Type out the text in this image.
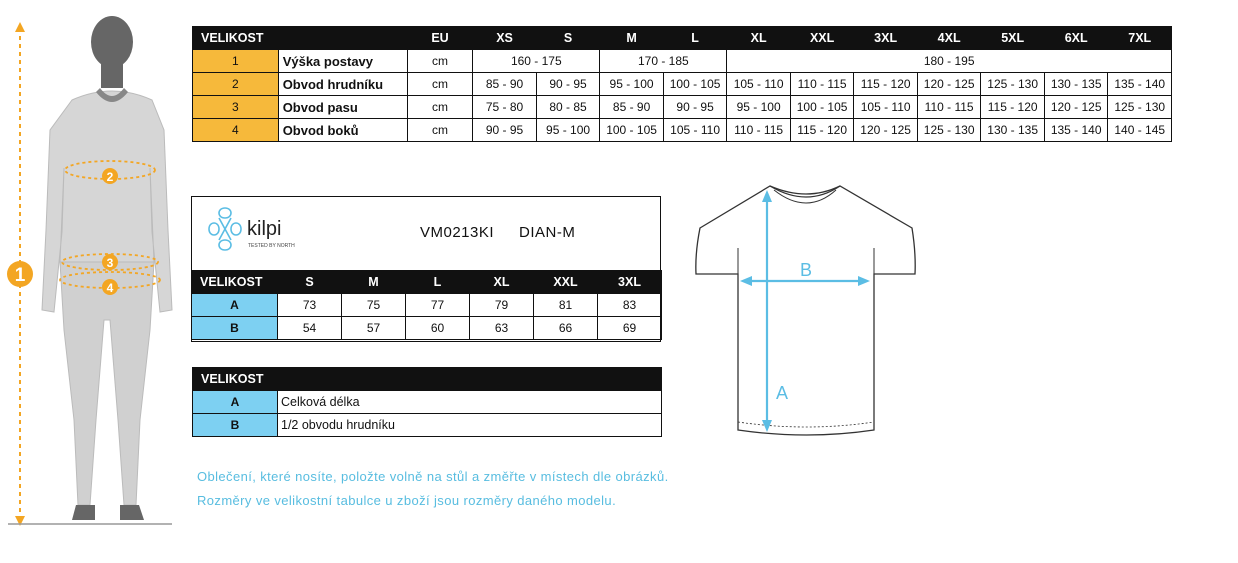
1
2
3
4
VELIKOST		EU	XS	S	M	L	XL	XXL	3XL	4XL	5XL	6XL	7XL
1	Výška postavy	cm	160 - 175		170 - 185		180 - 195						
2	Obvod hrudníku	cm	85 - 90	90 - 95	95 - 100	100 - 105	105 - 110	110 - 115	115 - 120	120 - 125	125 - 130	130 - 135	135 - 140
3	Obvod pasu	cm	75 - 80	80 - 85	85 - 90	90 - 95	95 - 100	100 - 105	105 - 110	110 - 115	115 - 120	120 - 125	125 - 130
4	Obvod boků	cm	90 - 95	95 - 100	100 - 105	105 - 110	110 - 115	115 - 120	120 - 125	125 - 130	130 - 135	135 - 140	140 - 145
kilpi
TESTED BY NORTH
VM0213KI DIAN-M
VELIKOST	S	M	L	XL	XXL	3XL
A	73	75	77	79	81	83
B	54	57	60	63	66	69
VELIKOST	
A	Celková délka
B	1/2 obvodu hrudníku
B
A
Oblečení, které nosíte, položte volně na stůl a změřte v místech dle obrázků.
Rozměry ve velikostní tabulce u zboží jsou rozměry daného modelu.
